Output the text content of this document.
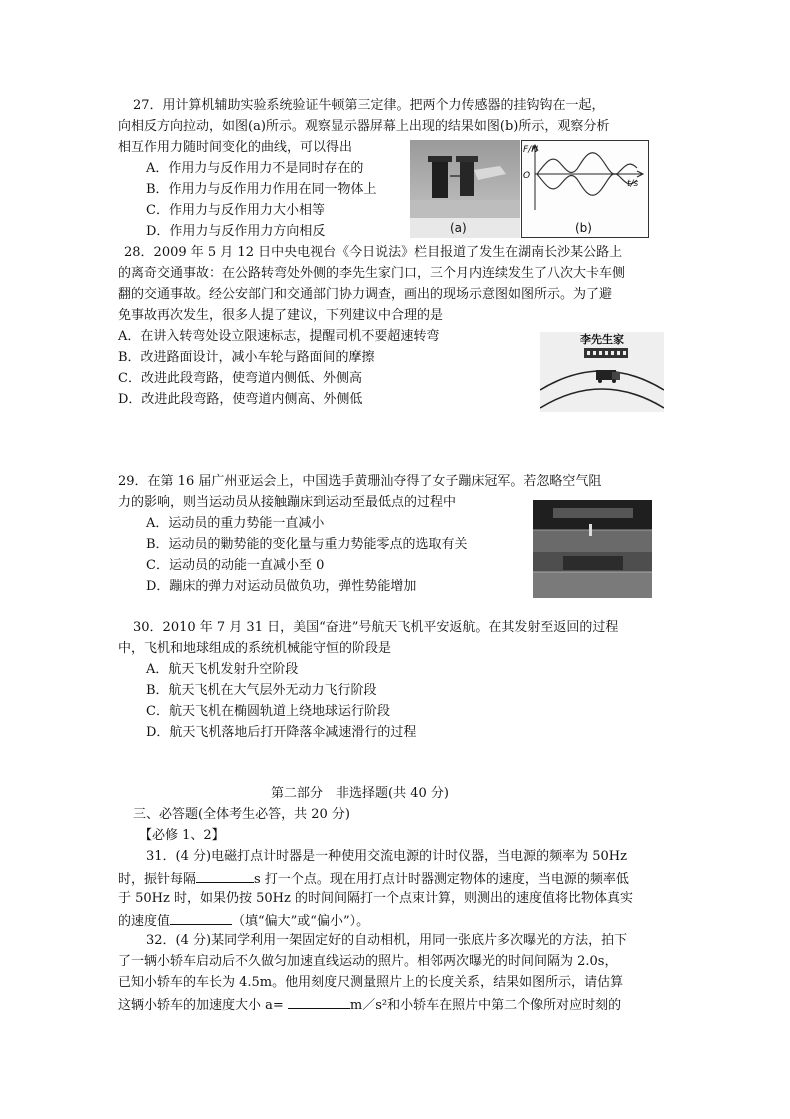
27．用计算机辅助实验系统验证牛顿第三定律。把两个力传感器的挂钩钩在一起，
向相反方向拉动，如图(a)所示。观察显示器屏幕上出现的结果如图(b)所示，观察分析
相互作用力随时间变化的曲线，可以得出
A．作用力与反作用力不是同时存在的
B．作用力与反作用力作用在同一物体上
C．作用力与反作用力大小相等
D．作用力与反作用力方向相反	(a)
F/N
t/s
O
(b)
28．2009 年 5 月 12 日中央电视台《今日说法》栏目报道了发生在湖南长沙某公路上
的离奇交通事故：在公路转弯处外侧的李先生家门口，三个月内连续发生了八次大卡车侧
翻的交通事故。经公安部门和交通部门协力调查，画出的现场示意图如图所示。为了避
免事故再次发生，很多人提了建议，下列建议中合理的是
A．在讲入转弯处设立限速标志，提醒司机不要超速转弯
B．改进路面设计，减小车轮与路面间的摩擦
C．改进此段弯路，使弯道内侧低、外侧高
D．改进此段弯路，使弯道内侧高、外侧低
李先生家
29．在第 16 届广州亚运会上，中国选手黄珊汕夺得了女子蹦床冠军。若忽略空气阻
力的影响，则当运动员从接触蹦床到运动至最低点的过程中
A．运动员的重力势能一直减小
B．运动员的勦势能的变化量与重力势能零点的选取有关
C．运动员的动能一直减小至 0
D．蹦床的弹力对运动员做负功，弹性势能增加
30．2010 年 7 月 31 日，美国“奋进”号航天飞机平安返航。在其发射至返回的过程
中，飞机和地球组成的系统机械能守恒的阶段是
A．航天飞机发射升空阶段
B．航天飞机在大气层外无动力飞行阶段
C．航天飞机在椭圆轨道上绕地球运行阶段
D．航天飞机落地后打开降落伞减速滑行的过程
第二部分　非选择题(共 40 分)
三、必答题(全体考生必答，共 20 分)
【必修 1、2】
31．(4 分)电磁打点计时器是一种使用交流电源的计时仪器，当电源的频率为 50Hz
时，振针每隔	s 打一个点。现在用打点计时器测定物体的速度，当电源的频率低
于 50Hz 时，如果仍按 50Hz 的时间间隔打一个点束计算，则测出的速度值将比物体真实
的速度值	（填“偏大”或“偏小”）。
32．(4 分)某同学利用一架固定好的自动相机，用同一张底片多次曝光的方法，拍下
了一辆小轿车启动后不久做匀加速直线运动的照片。相邻两次曝光的时间间隔为 2.0s，
已知小轿车的车长为 4.5m。他用刻度尺测量照片上的长度关系，结果如图所示，请估算
这辆小轿车的加速度大小 a=	m／s²和小轿车在照片中第二个像所对应时刻的
